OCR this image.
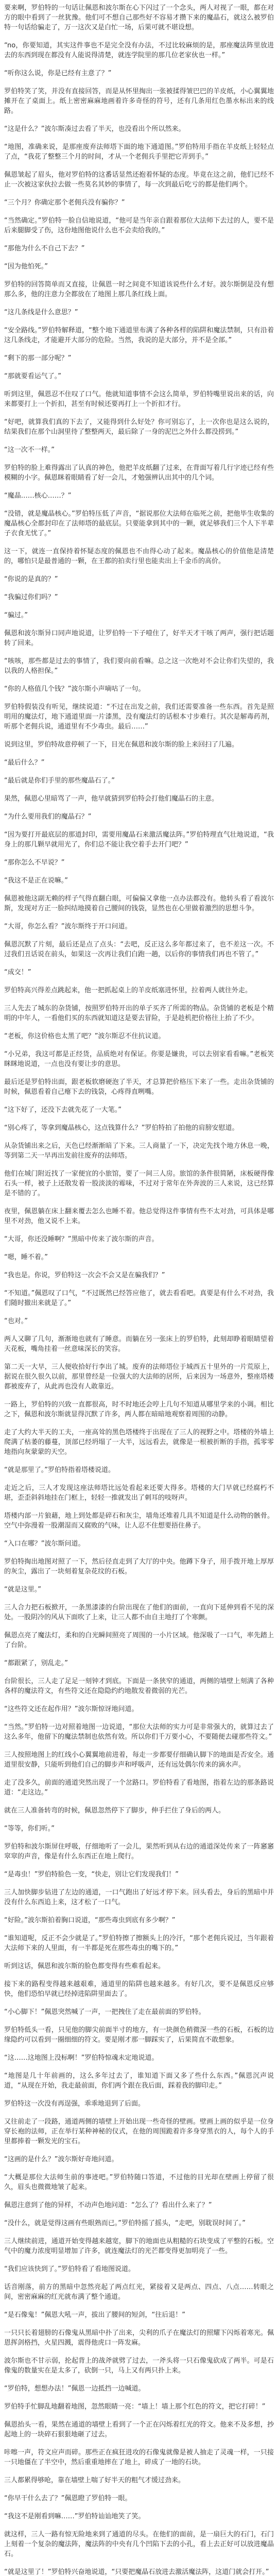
要来啊，罗伯特的一句话让佩恩和波尔斯在心下闪过了一个念头，两人对视了一眼，都在对方的眼中看到了一丝犹豫。他们可不想自己那些好不容易才攒下来的魔晶石，就这么被罗伯特一句话给骗走了，万一这次又是白忙一场，后果可就不堪设想。

“no，你要知道，其实这件事也不是完全没有办法，不过比较麻烦的是，那座魔法阵里放进去的东西到现在都没有人能说得清楚，就连学院里的那几位老家伙也一样。”

“听你这么说，你是已经有主意了？”

罗伯特笑了笑，并没有直接回答，而是从怀里掏出一张被揉得皱巴巴的羊皮纸，小心翼翼地摊开在了桌面上。纸上密密麻麻地画着许多奇怪的符号，还有几条用红色墨水标出来的线路。

“这是什么？”波尔斯凑过去看了半天，也没看出个所以然来。

“地图，准确来说，是那座废弃法师塔下面的地下通道图。”罗伯特用手指在羊皮纸上轻轻点了点，“我花了整整三个月的时间，才从一个老佣兵手里把它弄到手。”

佩恩皱起了眉头，他对罗伯特的这番话显然还抱着怀疑的态度。毕竟在这之前，他们已经不止一次被这家伙拉去做一些莫名其妙的事情了，每一次到最后吃亏的都是他们两个。

“三个月？你确定那个老佣兵没有骗你？”

“当然确定。”罗伯特一脸自信地说道，“他可是当年亲自跟着那位大法师下去过的人，要不是后来腿脚受了伤，这份地图他说什么也不会卖给我的。”

“那他为什么不自己下去？”

“因为他怕死。”

罗伯特的回答简单而又直接，让佩恩一时之间竟不知道该说些什么才好。波尔斯倒是没有想那么多，他的注意力全都放在了地图上那几条红线上面。

“这几条线是什么意思？”

“安全路线。”罗伯特解释道，“整个地下通道里布满了各种各样的陷阱和魔法禁制，只有沿着这几条线走，才能避开大部分的危险。当然，我说的是大部分，并不是全部。”

“剩下的那一部分呢？”

“那就要看运气了。”

听到这里，佩恩忍不住叹了口气。他就知道事情不会这么简单，罗伯特嘴里说出来的话，向来都要打上一个折扣，甚至有时候还要再打上一个折扣才行。

“好吧，就算我们真的下去了，又能得到什么好处？你可别忘了，上一次你也是这么说的，结果我们在那个山洞里待了整整两天，最后除了一身的泥巴之外什么都没捞到。”

“这一次不一样。”

罗伯特的脸上难得露出了认真的神色，他把羊皮纸翻了过来，在背面写着几行字迹已经有些模糊的小字。佩恩眯着眼睛看了好一会儿，才勉强辨认出其中的几个词。

“魔晶……核心……？”

“没错，就是魔晶核心。”罗伯特压低了声音，“据说那位大法师在临死之前，把他毕生收集的魔晶核心全都封印在了法师塔的最底层。只要能拿到其中的一颗，就足够我们三个人下半辈子衣食无忧了。”

这一下，就连一直保持着怀疑态度的佩恩也不由得心动了起来。魔晶核心的价值他是清楚的，哪怕只是最普通的一颗，在王都的拍卖行里也能卖出上千金币的高价。

“你说的是真的？”

“我骗过你们吗？”

“骗过。”

佩恩和波尔斯异口同声地说道，让罗伯特一下子噎住了，好半天才干咳了两声，强行把话题转了回来。

“咳咳，那些都是过去的事情了，我们要向前看嘛。总之这一次绝对不会让你们失望的，我以我的人格担保。”

“你的人格值几个钱？”波尔斯小声嘀咕了一句。

罗伯特假装没有听见，继续说道：“不过在出发之前，我们还需要准备一些东西。首先是照明用的魔法灯，地下通道里面一片漆黑，没有魔法灯的话根本寸步难行。其次是解毒药剂，听那个老佣兵说，通道里有不少毒虫。最后……”

说到这里，罗伯特故意停顿了一下，目光在佩恩和波尔斯的脸上来回扫了几遍。

“最后什么？”

“最后就是你们手里的那些魔晶石了。”

果然，佩恩心里暗骂了一声，他早就猜到罗伯特会打他们魔晶石的主意。

“为什么要用我们的魔晶石？”

“因为要打开最底层的那道封印，需要用魔晶石来激活魔法阵。”罗伯特理直气壮地说道，“我身上的那几颗早就用光了，你们总不能让我空着手去开门吧？”

“那你怎么不早说？”

“我这不是正在说嘛。”

佩恩被他这副无赖的样子气得直翻白眼，可偏偏又拿他一点办法都没有。他转头看了看波尔斯，发现对方正一脸纠结地摸着自己腰间的钱袋，显然也在心里做着激烈的思想斗争。

“大哥，你怎么看？”波尔斯终于开口问道。

佩恩沉默了片刻，最后还是点了点头：“去吧，反正这么多年都过来了，也不差这一次。不过我们丑话说在前头，如果这一次再让我们白跑一趟，以后你的事情我们再也不管了。”

“成交！”

罗伯特高兴得差点跳起来，他一把抓起桌上的羊皮纸塞进怀里，拉着两人就往外走。

三人先去了城东的杂货铺，按照罗伯特开出的单子买齐了所需的物品。杂货铺的老板是个精明的中年人，一看他们买的东西就知道这是要去冒险，于是趁机把价格往上抬了不少。

“老板，你这价格也太黑了吧？”波尔斯忍不住抗议道。

“小兄弟，我这可都是正经货，品质绝对有保证。你要是嫌贵，可以去别家看看嘛。”老板笑眯眯地说道，一点也没有要让步的意思。

最后还是罗伯特出面，跟老板软磨硬泡了半天，才总算把价格压下来了一些。走出杂货铺的时候，佩恩看着自己瘪下去的钱袋，心疼得直咧嘴。

“这下好了，还没下去就先花了一大笔。”

“别心疼了，等拿到魔晶核心，这点钱算什么？”罗伯特拍了拍他的肩膀安慰道。

从杂货铺出来之后，天色已经渐渐暗了下来。三人商量了一下，决定先找个地方休息一晚，等到第二天一早再出发前往废弃的法师塔。

他们在城门附近找了一家便宜的小旅馆，要了一间三人房。旅馆的条件很简陋，床板硬得像石头一样，被子上还散发着一股淡淡的霉味，不过对于常年在外奔波的三人来说，这已经算是不错的了。

夜里，佩恩躺在床上翻来覆去怎么也睡不着。他总觉得这件事情有些不太对劲，可具体是哪里不对劲，他又说不上来。

“大哥，你还没睡啊？”黑暗中传来了波尔斯的声音。

“嗯，睡不着。”

“我也是。你说，罗伯特这一次会不会又是在骗我们？”

“不知道。”佩恩叹了口气，“不过既然已经答应他了，就去看看吧。真要是有什么不对劲，我们随时撤出来就是了。”

“也对。”

两人又聊了几句，渐渐地也就有了睡意。而躺在另一张床上的罗伯特，此刻却睁着眼睛望着天花板，嘴角挂着一丝意味深长的笑容。

第二天一大早，三人便收拾好行李出了城。废弃的法师塔位于城西五十里外的一片荒原上，据说在很久很久以前，那里曾经是一位强大的大法师的居所，后来因为一场意外，整座塔楼都被废弃了，从此再也没有人敢靠近。

一路上，罗伯特的兴致一直都很高，时不时地还会哼上几句不知道从哪里学来的小调。相比之下，佩恩和波尔斯就显得沉默了许多，两人都在暗暗地观察着周围的动静。

走了大约大半天的工夫，一座高耸的黑色塔楼终于出现在了三人的视野之中。塔楼的外墙上爬满了枯萎的藤蔓，顶部已经坍塌了一大半，远远看去，就像是一根被折断的手指，孤零零地指向灰蒙蒙的天空。

“就是那里了。”罗伯特指着塔楼说道。

走近之后，三人才发现这座法师塔比远处看起来还要大得多。塔楼的大门早就已经腐朽不堪，歪歪斜斜地挂在门框上，轻轻一推就发出了刺耳的吱呀声。

塔楼内部一片狼藉，地上到处都是碎石和灰尘，墙角还堆着几具不知道是什么动物的骸骨。空气中弥漫着一股潮湿而又腐败的气味，让人忍不住想要捂住鼻子。

“入口在哪？”波尔斯问道。

罗伯特掏出地图对照了一下，然后径直走到了大厅的中央。他蹲下身子，用手拨开地上厚厚的灰尘，露出了一块刻着复杂花纹的石板。

“就是这里。”

三人合力把石板掀开，一条黑漆漆的台阶出现在了他们的面前，一直向下延伸到看不见的深处。一股阴冷的风从下面吹了上来，让三人都不由自主地打了个寒颤。

佩恩点亮了魔法灯，柔和的白光瞬间照亮了周围的一小片区域。他深吸了一口气，率先踏上了台阶。

“都跟紧了，别乱走。”

台阶很长，三人走了足足一刻钟才到底。下面是一条狭窄的通道，两侧的墙壁上刻满了各种各样的魔法符文，有些符文还在隐隐约约地散发着微弱的光芒。

“这些符文还在起作用？”波尔斯惊讶地问道。

“当然。”罗伯特一边对照着地图一边说道，“那位大法师的实力可是非常强大的，就算过去了这么多年，他留下的魔法禁制也依然有效。所以你们千万要小心，不要随便去碰那些符文。”

三人按照地图上的红线小心翼翼地前进着，每走一步都要仔细确认脚下的地面是否安全。通道里很安静，只能听到他们自己的脚步声和呼吸声，还有远处偶尔传来的滴水声。

走了没多久，前面的通道突然出现了一个岔路口。罗伯特看了看地图，指着左边的那条路说道：“走这边。”

就在三人准备转弯的时候，佩恩忽然停下了脚步，伸手拦住了身后的两人。

“等等，你们听。”

罗伯特和波尔斯屏住呼吸，仔细地听了一会儿，果然听到从右边的通道深处传来了一阵窸窸窣窣的声音，像是有什么东西正在地上爬行。

“是毒虫！”罗伯特脸色一变，“快走，别让它们发现我们！”

三人加快脚步钻进了左边的通道，一口气跑出了好远才停下来。回头看去，身后的黑暗中并没有什么东西追上来，这才松了一口气。

“好险。”波尔斯拍着胸口说道，“那些毒虫到底有多少啊？”

“谁知道呢，反正不会少就是了。”罗伯特擦了擦额头上的冷汗，“那个老佣兵说过，当年跟着大法师下来的人里面，有一半都是死在那些毒虫的嘴下的。”

听到这话，佩恩和波尔斯的脸色都变得有些难看起来。

接下来的路程变得越来越艰难，通道里的陷阱也越来越多。有好几次，要不是佩恩反应够快，他们恐怕早就已经掉进陷阱里面去了。

“小心脚下！”佩恩突然喊了一声，一把拽住了走在最前面的罗伯特。

罗伯特低头一看，只见他的脚尖前面半寸的地方，有一块颜色稍微深一些的石板，石板的边缘隐约可以看到一圈细细的符文。要是刚才那一脚踩实了，后果简直不敢想象。

“这……这地图上没标啊！”罗伯特惊魂未定地说道。

“地图是几十年前画的，这么多年过去了，谁知道下面又多了些什么东西。”佩恩沉声说道，“从现在开始，我走最前面，你们两个跟在我后面，踩着我的脚印走。”

罗伯特这一次没有再逞强，乖乖地退到了后面。

又往前走了一段路，通道两侧的墙壁上开始出现一些奇怪的壁画。壁画上画的似乎是一位身穿长袍的法师，正在举行某种神秘的仪式，在他的周围跪着许多身穿黑衣的人，每个人的手里都捧着一颗发光的宝石。

“这画的是什么？”波尔斯好奇地问道。

“大概是那位大法师生前的事迹吧。”罗伯特随口答道，不过他的目光却在壁画上停留了很久，眉头也微微地皱了起来。

佩恩注意到了他的异样，不动声色地问道：“怎么了？看出什么来了？”

“没什么，就是觉得这画有些眼熟而已。”罗伯特摇了摇头，“走吧，别耽误时间了。”

三人继续前进，通道开始变得越来越宽，脚下的地面也从粗糙的石块变成了平整的石板。空气中的魔力浓度明显增加了许多，就连魔法灯的光芒都变得更加明亮了一些。

“我们应该快到了。”罗伯特看了看地图说道。

话音刚落，前方的黑暗中忽然亮起了两点红光，紧接着又是两点、四点、八点……转眼之间，密密麻麻的红光就布满了整个通道。

“是石像鬼！”佩恩大吼一声，拔出了腰间的短剑，“往后退！”

一只只长着翅膀的石像鬼从黑暗中扑了出来，尖利的爪子在魔法灯的照耀下闪烁着寒光。佩恩挥剑格挡，火星四溅，震得他虎口一阵发麻。

波尔斯也不甘示弱，抡起背上的战斧就劈了过去，一斧头将一只石像鬼砍成了两半。可是石像鬼的数量实在是太多了，砍倒一只，马上又有两只扑上来。

“罗伯特，想想办法！”佩恩一边抵挡一边喊道。

罗伯特手忙脚乱地翻着地图，忽然眼睛一亮：“墙上！墙上那个红色的符文，把它打碎！”

佩恩抬头一看，果然在通道的墙壁上看到了一个正在闪烁着红光的符文。他来不及多想，抄起地上的一块碎石狠狠地砸了过去。

咔嚓一声，符文应声而碎。那些正在疯狂进攻的石像鬼就像是被人抽走了灵魂一样，一只接一只地僵在了半空中，然后重重地摔在了地上，碎成了一地的石块。

三人都累得够呛，靠在墙壁上喘了好半天的粗气才缓过劲来。

“你早干什么去了？”佩恩瞪了罗伯特一眼。

“我这不是刚看到嘛……”罗伯特讪讪地笑了笑。

就这样，三人一路有惊无险地来到了通道的尽头。在他们的面前，是一扇巨大的石门，石门上刻着一个复杂的魔法阵，魔法阵的中央有几个凹陷下去的小孔，看上去正好可以放进魔晶石。

“就是这里了！”罗伯特兴奋地说道，“只要把魔晶石放进去激活魔法阵，这道门就会打开。”
